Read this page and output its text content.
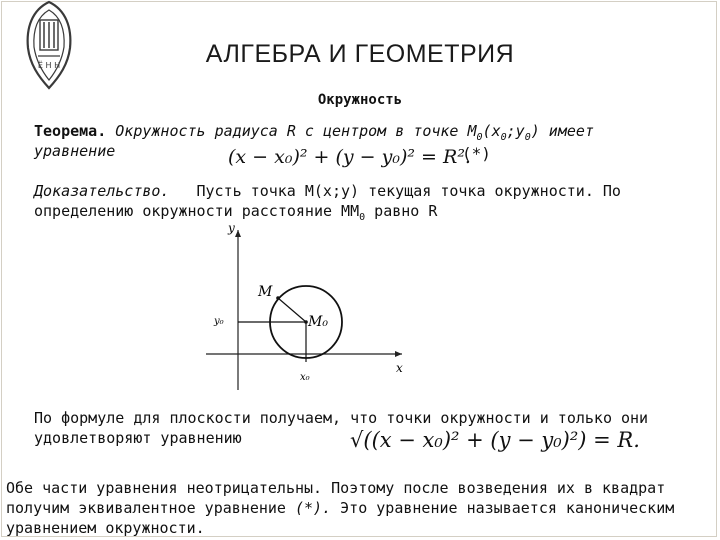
Ё Н Н	АЛГЕБРА И ГЕОМЕТРИЯ
Окружность
Теорема. Окружность радиуса R с центром в точке $M_0(x_0;y_0)$ имеет
уравнение	(x − x₀)² + (y − y₀)² = R².
(*)
Доказательство. Пусть точка M(x;y) текущая точка окружности. По
определению окружности расстояние $MM_0$ равно R
y
x
M
M₀
y₀
x₀
По формуле для плоскости получаем, что точки окружности и только они удовлетворяют уравнению	√((x − x₀)² + (y − y₀)²) = R.
Обе части уравнения неотрицательны. Поэтому после возведения их в квадрат получим эквивалентное уравнение (*). Это уравнение называется каноническим уравнением окружности.
